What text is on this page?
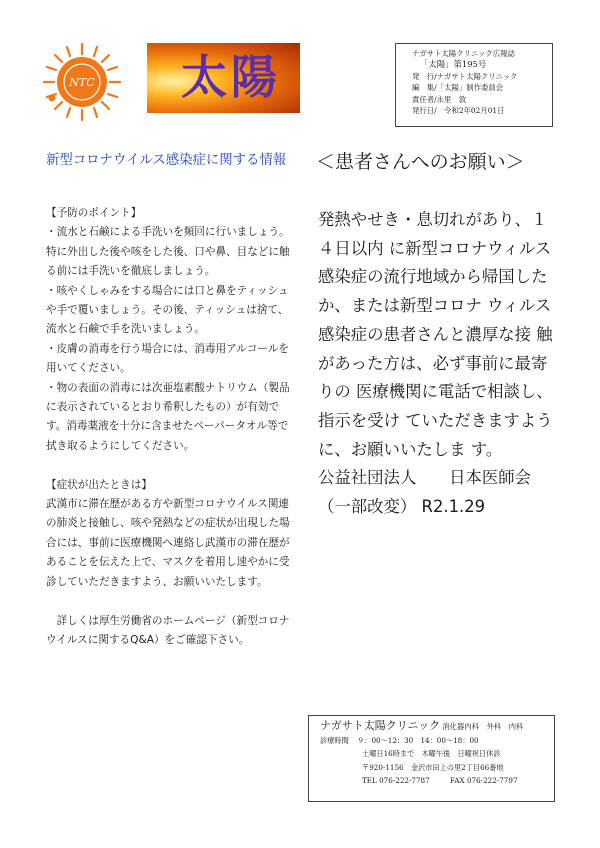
NTC 太陽	ナガサト太陽クリニック広報誌
「太陽」第195号
発　行/ナガサト太陽クリニック
編　集/「太陽」制作委員会
責任者/永里　敦
発行日/　令和2年02月01日
新型コロナウイルス感染症に関する情報

【予防のポイント】

・流水と石鹸による手洗いを頻回に行いましょう。特に外出した後や咳をした後、口や鼻、目などに触る前には手洗いを徹底しましょう。

・咳やくしゃみをする場合には口と鼻をティッシュや手で覆いましょう。その後、ティッシュは捨て、流水と石鹸で手を洗いましょう。

・皮膚の消毒を行う場合には、消毒用アルコールを用いてください。

・物の表面の消毒には次亜塩素酸ナトリウム（製品に表示されているとおり希釈したもの）が有効です。消毒薬液を十分に含ませたペーパータオル等で拭き取るようにしてください。

【症状が出たときは】

武漢市に滞在歴がある方や新型コロナウイルス関連の肺炎と接触し、咳や発熱などの症状が出現した場合には、事前に医療機関へ連絡し武漢市の滞在歴があることを伝えた上で、マスクを着用し速やかに受診していただきますよう、お願いいたします。

　詳しくは厚生労働省のホームページ（新型コロナウイルスに関するQ&A）をご確認下さい。

＜患者さんへのお願い＞

発熱やせき・息切れがあり、１４日以内 に新型コロナウィルス感染症の流行地域から帰国したか、または新型コロナ ウィルス感染症の患者さんと濃厚な接 触があった方は、必ず事前に最寄りの 医療機関に電話で相談し、指示を受け ていただきますように、お願いいたしま す。

公益社団法人　　日本医師会

（一部改変） R2.1.29

ナガサト太陽クリニック 消化器内科　外科　内科
診療時間 ９：00～12：30　14：00～18：00
土曜日16時まで　木曜午後　日曜祝日休診
〒920-1156　金沢市田上の里2丁目66番地
TEL 076-222-7787	FAX 076-222-7797
